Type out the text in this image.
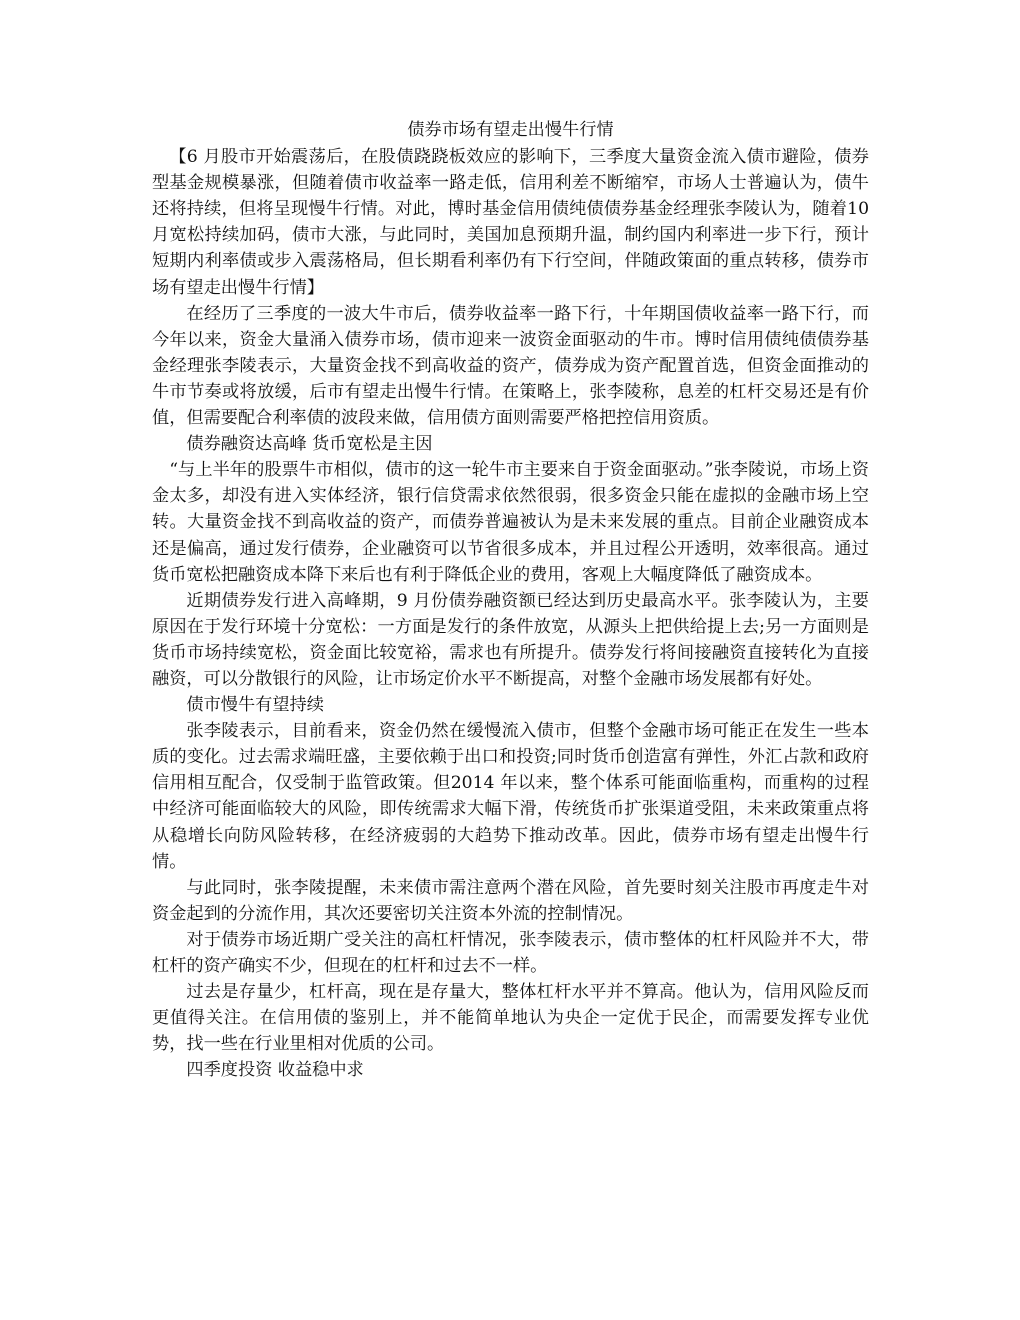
债券市场有望走出慢牛行情

【6 月股市开始震荡后，在股债跷跷板效应的影响下，三季度大量资金流入债市避险，债券型基金规模暴涨，但随着债市收益率一路走低，信用利差不断缩窄，市场人士普遍认为，债牛还将持续，但将呈现慢牛行情。对此，博时基金信用债纯债债券基金经理张李陵认为，随着10月宽松持续加码，债市大涨，与此同时，美国加息预期升温，制约国内利率进一步下行，预计短期内利率债或步入震荡格局，但长期看利率仍有下行空间，伴随政策面的重点转移，债券市场有望走出慢牛行情】

在经历了三季度的一波大牛市后，债券收益率一路下行，十年期国债收益率一路下行，而今年以来，资金大量涌入债券市场，债市迎来一波资金面驱动的牛市。博时信用债纯债债券基金经理张李陵表示，大量资金找不到高收益的资产，债券成为资产配置首选，但资金面推动的牛市节奏或将放缓，后市有望走出慢牛行情。在策略上，张李陵称，息差的杠杆交易还是有价值，但需要配合利率债的波段来做，信用债方面则需要严格把控信用资质。

债券融资达高峰 货币宽松是主因

“与上半年的股票牛市相似，债市的这一轮牛市主要来自于资金面驱动。”张李陵说，市场上资金太多，却没有进入实体经济，银行信贷需求依然很弱，很多资金只能在虚拟的金融市场上空转。大量资金找不到高收益的资产，而债券普遍被认为是未来发展的重点。目前企业融资成本还是偏高，通过发行债券，企业融资可以节省很多成本，并且过程公开透明，效率很高。通过货币宽松把融资成本降下来后也有利于降低企业的费用，客观上大幅度降低了融资成本。

近期债券发行进入高峰期，9 月份债券融资额已经达到历史最高水平。张李陵认为，主要原因在于发行环境十分宽松：一方面是发行的条件放宽，从源头上把供给提上去;另一方面则是货币市场持续宽松，资金面比较宽裕，需求也有所提升。债券发行将间接融资直接转化为直接融资，可以分散银行的风险，让市场定价水平不断提高，对整个金融市场发展都有好处。

债市慢牛有望持续

张李陵表示，目前看来，资金仍然在缓慢流入债市，但整个金融市场可能正在发生一些本质的变化。过去需求端旺盛，主要依赖于出口和投资;同时货币创造富有弹性，外汇占款和政府信用相互配合，仅受制于监管政策。但2014 年以来，整个体系可能面临重构，而重构的过程中经济可能面临较大的风险，即传统需求大幅下滑，传统货币扩张渠道受阻，未来政策重点将从稳增长向防风险转移，在经济疲弱的大趋势下推动改革。因此，债券市场有望走出慢牛行情。

与此同时，张李陵提醒，未来债市需注意两个潜在风险，首先要时刻关注股市再度走牛对资金起到的分流作用，其次还要密切关注资本外流的控制情况。

对于债券市场近期广受关注的高杠杆情况，张李陵表示，债市整体的杠杆风险并不大，带杠杆的资产确实不少，但现在的杠杆和过去不一样。

过去是存量少，杠杆高，现在是存量大，整体杠杆水平并不算高。他认为，信用风险反而更值得关注。在信用债的鉴别上，并不能简单地认为央企一定优于民企，而需要发挥专业优势，找一些在行业里相对优质的公司。

四季度投资 收益稳中求
